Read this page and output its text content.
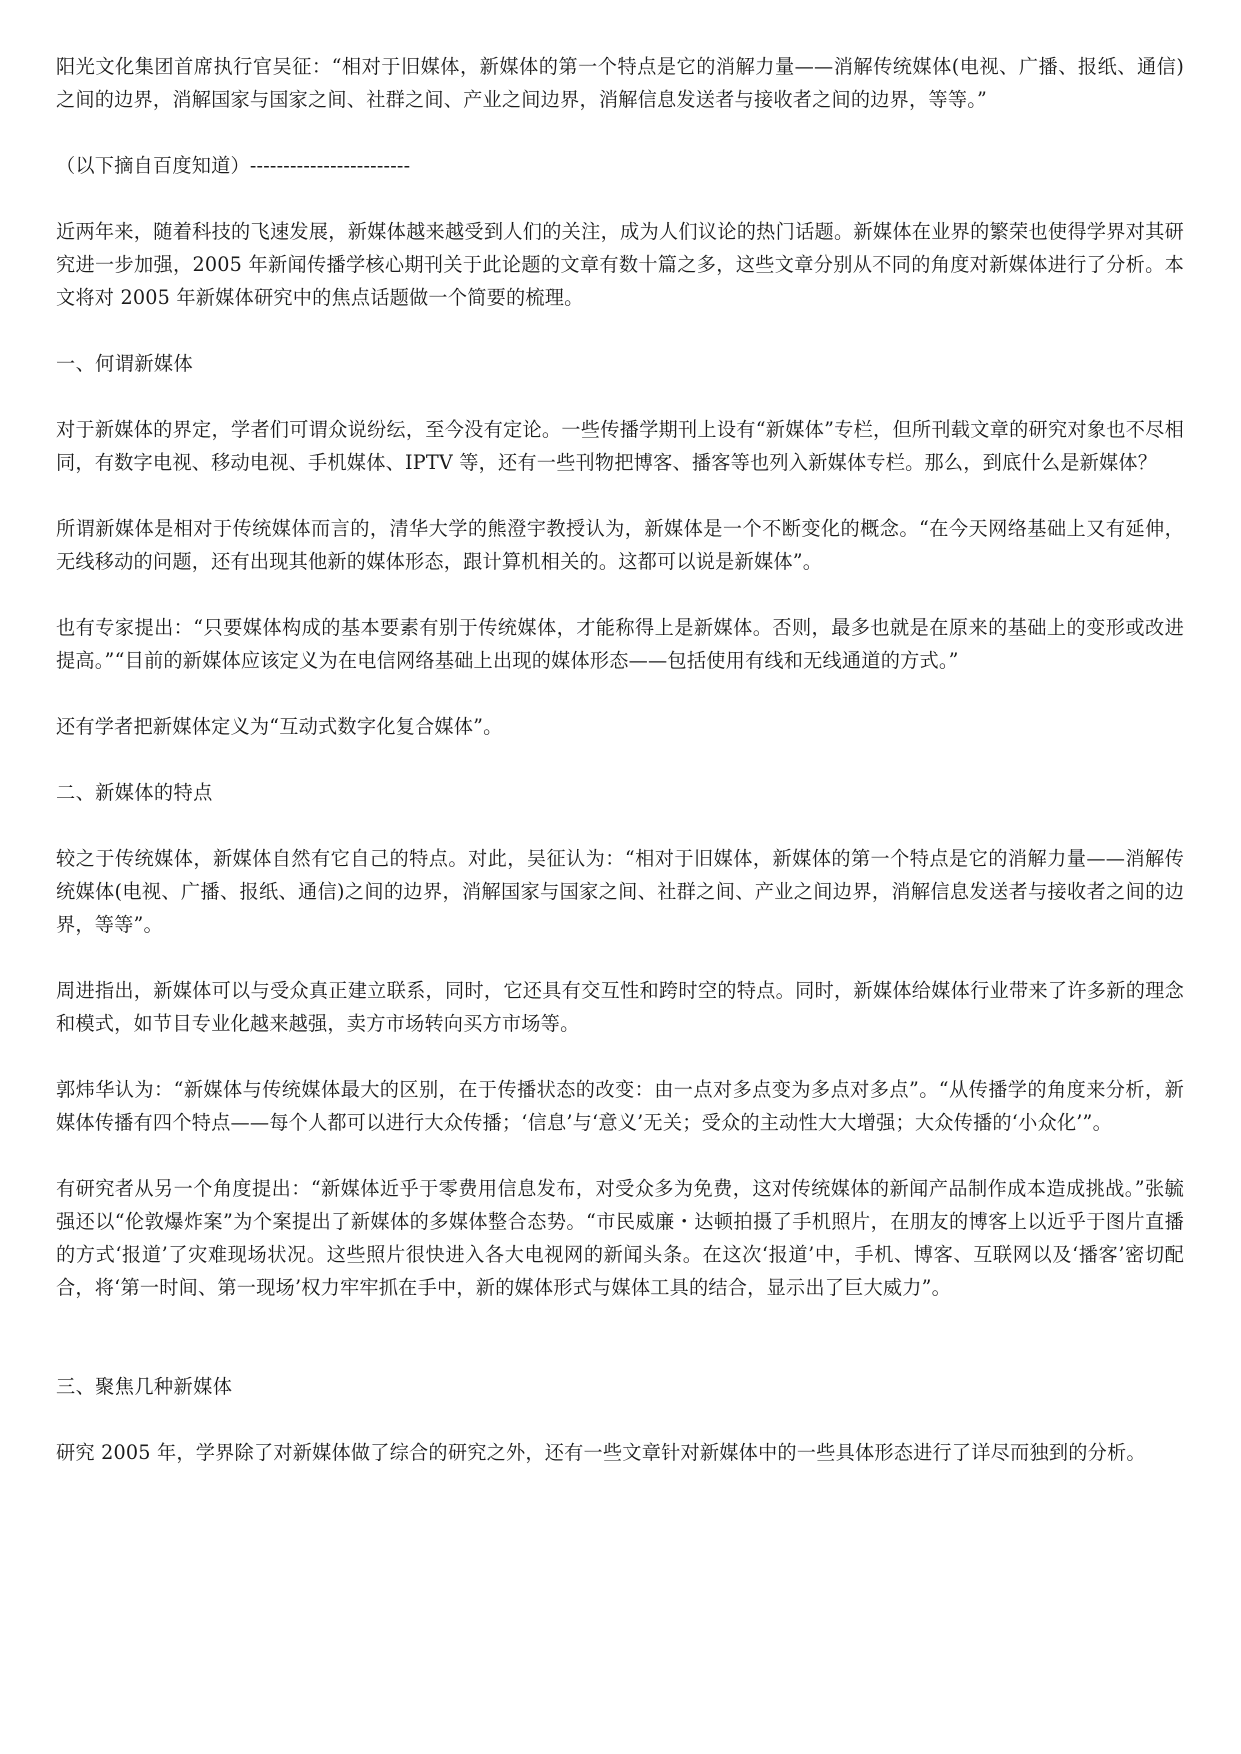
阳光文化集团首席执行官吴征：“相对于旧媒体，新媒体的第一个特点是它的消解力量——消解传统媒体(电视、广播、报纸、通信)之间的边界，消解国家与国家之间、社群之间、产业之间边界，消解信息发送者与接收者之间的边界，等等。”

（以下摘自百度知道）------------------------

近两年来，随着科技的飞速发展，新媒体越来越受到人们的关注，成为人们议论的热门话题。新媒体在业界的繁荣也使得学界对其研究进一步加强，2005 年新闻传播学核心期刊关于此论题的文章有数十篇之多，这些文章分别从不同的角度对新媒体进行了分析。本文将对 2005 年新媒体研究中的焦点话题做一个简要的梳理。

一、何谓新媒体

对于新媒体的界定，学者们可谓众说纷纭，至今没有定论。一些传播学期刊上设有“新媒体”专栏，但所刊载文章的研究对象也不尽相同，有数字电视、移动电视、手机媒体、IPTV 等，还有一些刊物把博客、播客等也列入新媒体专栏。那么，到底什么是新媒体？

所谓新媒体是相对于传统媒体而言的，清华大学的熊澄宇教授认为，新媒体是一个不断变化的概念。“在今天网络基础上又有延伸，无线移动的问题，还有出现其他新的媒体形态，跟计算机相关的。这都可以说是新媒体”。

也有专家提出：“只要媒体构成的基本要素有别于传统媒体，才能称得上是新媒体。否则，最多也就是在原来的基础上的变形或改进提高。”“目前的新媒体应该定义为在电信网络基础上出现的媒体形态——包括使用有线和无线通道的方式。”

还有学者把新媒体定义为“互动式数字化复合媒体”。

二、新媒体的特点

较之于传统媒体，新媒体自然有它自己的特点。对此，吴征认为：“相对于旧媒体，新媒体的第一个特点是它的消解力量——消解传统媒体(电视、广播、报纸、通信)之间的边界，消解国家与国家之间、社群之间、产业之间边界，消解信息发送者与接收者之间的边界，等等”。

周进指出，新媒体可以与受众真正建立联系，同时，它还具有交互性和跨时空的特点。同时，新媒体给媒体行业带来了许多新的理念和模式，如节目专业化越来越强，卖方市场转向买方市场等。

郭炜华认为：“新媒体与传统媒体最大的区别，在于传播状态的改变：由一点对多点变为多点对多点”。“从传播学的角度来分析，新媒体传播有四个特点——每个人都可以进行大众传播；‘信息’与‘意义’无关；受众的主动性大大增强；大众传播的‘小众化’”。

有研究者从另一个角度提出：“新媒体近乎于零费用信息发布，对受众多为免费，这对传统媒体的新闻产品制作成本造成挑战。”张毓强还以“伦敦爆炸案”为个案提出了新媒体的多媒体整合态势。“市民威廉・达顿拍摄了手机照片，在朋友的博客上以近乎于图片直播的方式‘报道’了灾难现场状况。这些照片很快进入各大电视网的新闻头条。在这次‘报道’中，手机、博客、互联网以及‘播客’密切配合，将‘第一时间、第一现场’权力牢牢抓在手中，新的媒体形式与媒体工具的结合，显示出了巨大威力”。

三、聚焦几种新媒体

研究 2005 年，学界除了对新媒体做了综合的研究之外，还有一些文章针对新媒体中的一些具体形态进行了详尽而独到的分析。
